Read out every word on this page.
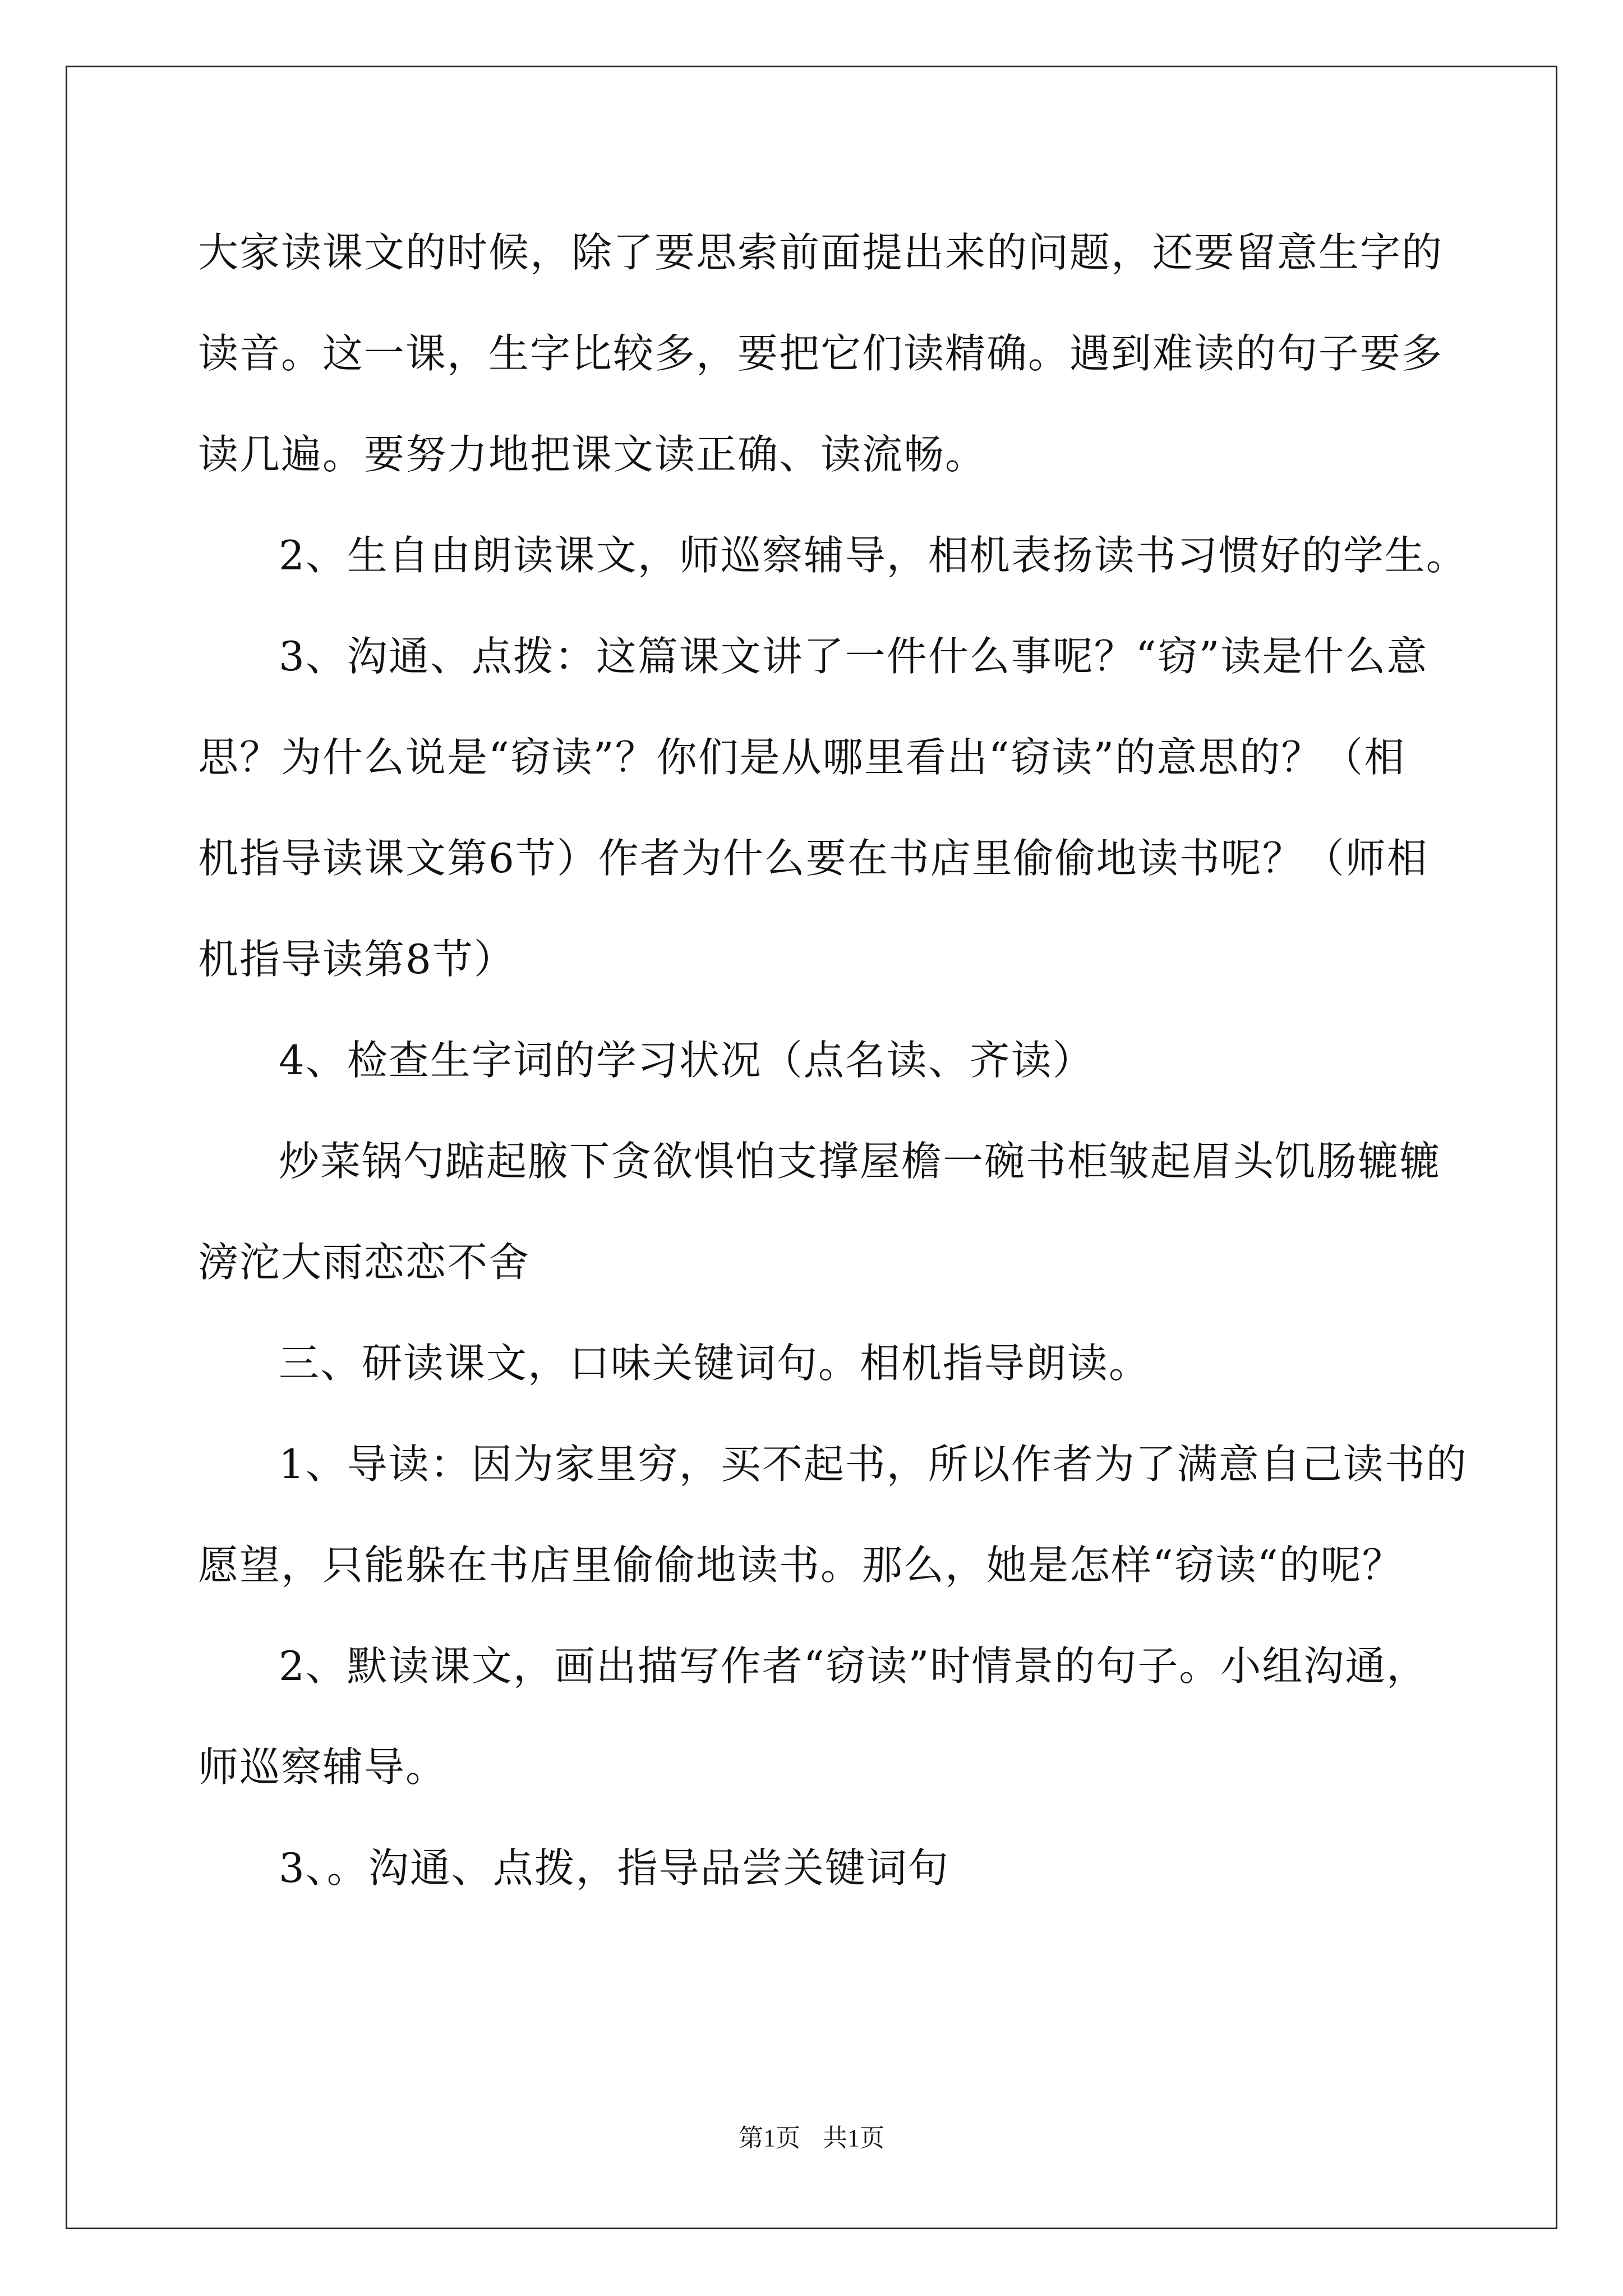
大家读课文的时候，除了要思索前面提出来的问题，还要留意生字的
读音。这一课，生字比较多，要把它们读精确。遇到难读的句子要多
读几遍。要努力地把课文读正确、读流畅。
2、生自由朗读课文，师巡察辅导，相机表扬读书习惯好的学生。
3、沟通、点拨：这篇课文讲了一件什么事呢？“窃”读是什么意
思？为什么说是“窃读”？你们是从哪里看出“窃读”的意思的？（相
机指导读课文第6节）作者为什么要在书店里偷偷地读书呢？（师相
机指导读第8节）
4、检查生字词的学习状况（点名读、齐读）
炒菜锅勺踮起腋下贪欲惧怕支撑屋檐一碗书柜皱起眉头饥肠辘辘
滂沱大雨恋恋不舍
三、研读课文，口味关键词句。相机指导朗读。
1、导读：因为家里穷，买不起书，所以作者为了满意自己读书的
愿望，只能躲在书店里偷偷地读书。那么，她是怎样“窃读“的呢？
2、默读课文，画出描写作者“窃读”时情景的句子。小组沟通，
师巡察辅导。
3、。沟通、点拨，指导品尝关键词句
第1页 共1页
